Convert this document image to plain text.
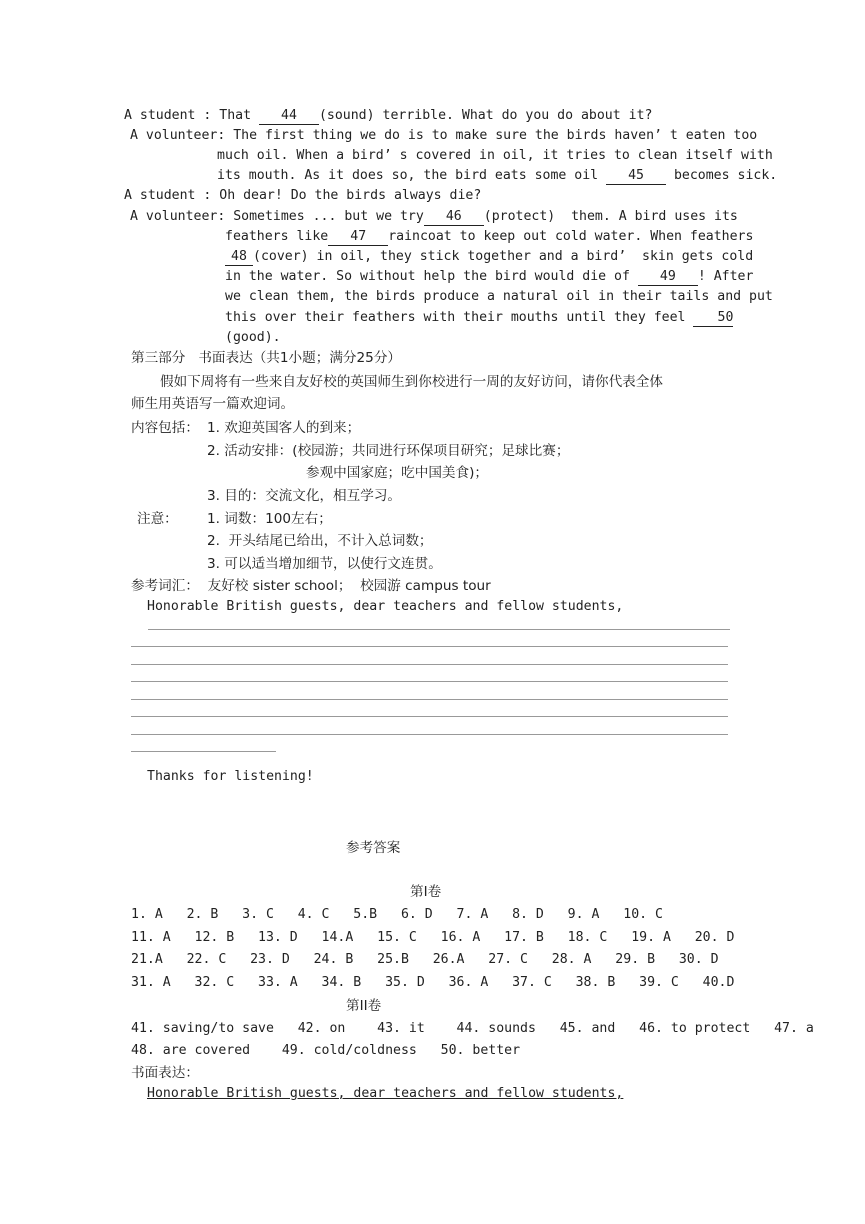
A student : That 44 (sound) terrible. What do you do about it?
A volunteer: The first thing we do is to make sure the birds haven’ t eaten too
much oil. When a bird’ s covered in oil, it tries to clean itself with
its mouth. As it does so, the bird eats some oil 45 becomes sick.
A student : Oh dear! Do the birds always die?
A volunteer: Sometimes ... but we try 46 (protect)  them. A bird uses its
feathers like 47 raincoat to keep out cold water. When feathers
48 (cover) in oil, they stick together and a bird’  skin gets cold
in the water. So without help the bird would die of 49 ! After
we clean them, the birds produce a natural oil in their tails and put
this over their feathers with their mouths until they feel 50
(good).
第三部分   书面表达（共1小题；满分25分）
假如下周将有一些来自友好校的英国师生到你校进行一周的友好访问，请你代表全体
师生用英语写一篇欢迎词。
内容包括： 1. 欢迎英国客人的到来；
2. 活动安排：(校园游；共同进行环保项目研究；足球比赛；
参观中国家庭；吃中国美食)；
3. 目的：交流文化，相互学习。
注意： 1. 词数：100左右；
2.  开头结尾已给出，不计入总词数；
3. 可以适当增加细节，以使行文连贯。
参考词汇：  友好校 sister school；  校园游 campus tour
Honorable British guests, dear teachers and fellow students,
Thanks for listening!
参考答案
第I卷
1. A   2. B   3. C   4. C   5.B   6. D   7. A   8. D   9. A   10. C
11. A   12. B   13. D   14.A   15. C   16. A   17. B   18. C   19. A   20. D
21.A   22. C   23. D   24. B   25.B   26.A   27. C   28. A   29. B   30. D
31. A   32. C   33. A   34. B   35. D   36. A   37. C   38. B   39. C   40.D
第II卷
41. saving/to save   42. on    43. it    44. sounds   45. and   46. to protect   47. a
48. are covered    49. cold/coldness   50. better
书面表达：
Honorable British guests, dear teachers and fellow students,
